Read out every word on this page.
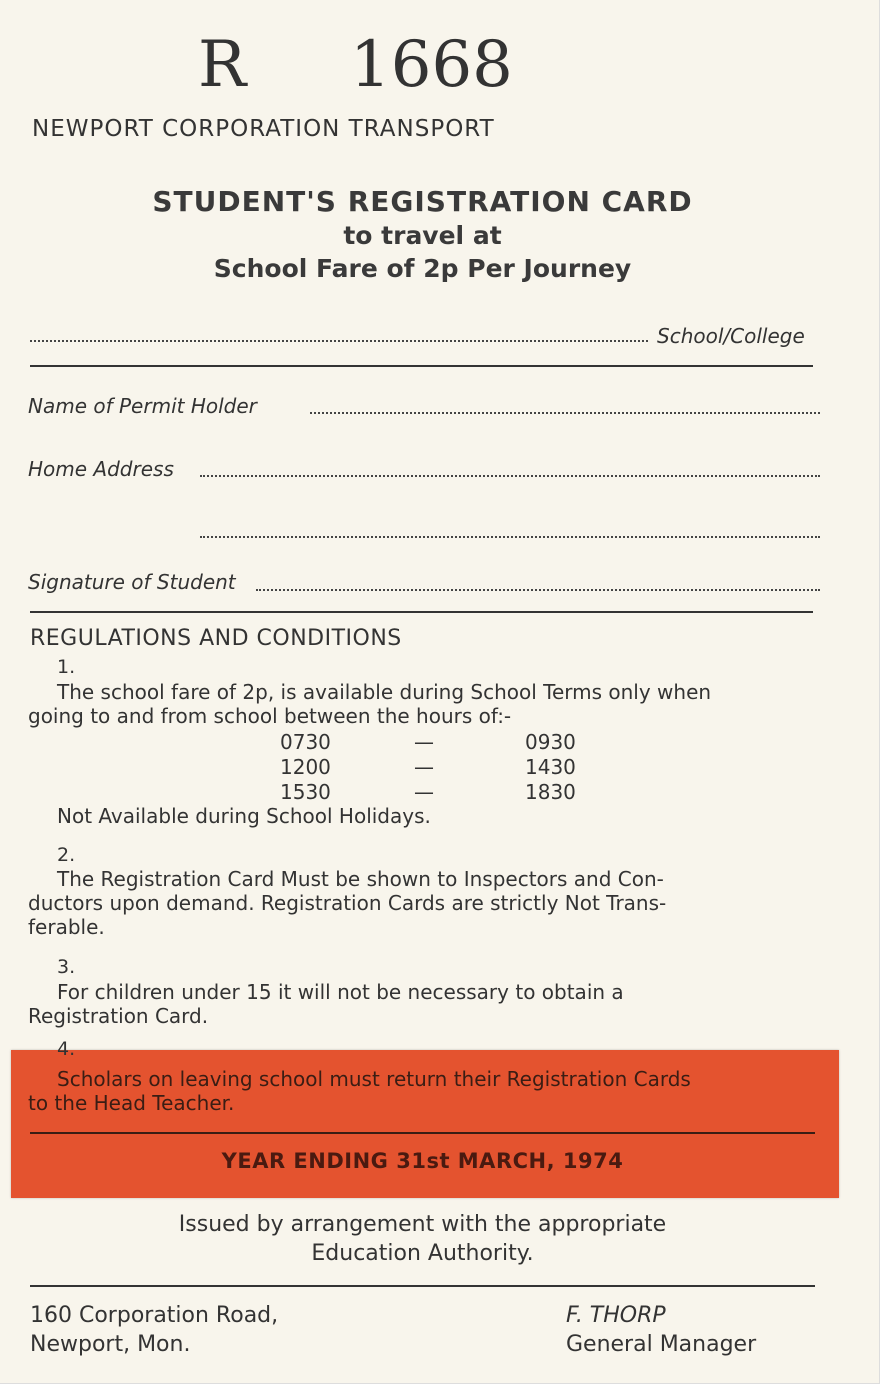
R 1668
NEWPORT CORPORATION TRANSPORT
STUDENT'S REGISTRATION CARD
to travel at
School Fare of 2p Per Journey
School/College
Name of Permit Holder
Home Address
Signature of Student
REGULATIONS AND CONDITIONS
1.
The school fare of 2p, is available during School Terms only when
going to and from school between the hours of:-
0730	—	0930
1200	—	1430
1530	—	1830
Not Available during School Holidays.
2.
The Registration Card Must be shown to Inspectors and Con-
ductors upon demand. Registration Cards are strictly Not Trans-
ferable.
3.
For children under 15 it will not be necessary to obtain a
Registration Card.
4.
Scholars on leaving school must return their Registration Cards
to the Head Teacher.
YEAR ENDING 31st MARCH, 1974
Issued by arrangement with the appropriate
Education Authority.
160 Corporation Road,
Newport, Mon.
F. THORP
General Manager
